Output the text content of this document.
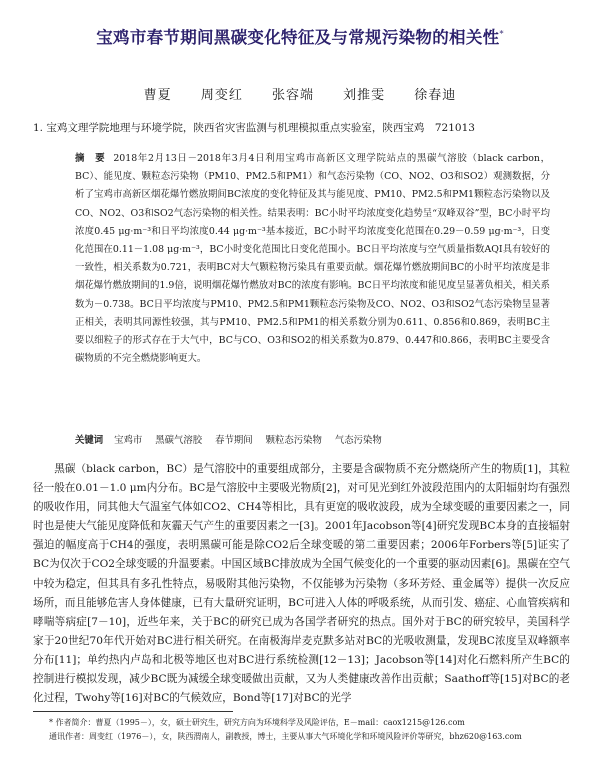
宝鸡市春节期间黑碳变化特征及与常规污染物的相关性*
曹夏 周变红 张容端 刘推雯 徐春迪
1. 宝鸡文理学院地理与环境学院，陕西省灾害监测与机理模拟重点实验室，陕西宝鸡　721013
摘　要 2018年2月13日－2018年3月4日利用宝鸡市高新区文理学院站点的黑碳气溶胶（black carbon，BC）、能见度、颗粒态污染物（PM10、PM2.5和PM1）和气态污染物（CO、NO2、O3和SO2）观测数据，分析了宝鸡市高新区烟花爆竹燃放期间BC浓度的变化特征及其与能见度、PM10、PM2.5和PM1颗粒态污染物以及CO、NO2、O3和SO2气态污染物的相关性。结果表明：BC小时平均浓度变化趋势呈“双峰双谷”型，BC小时平均浓度0.45 μg·m⁻³和日平均浓度0.44 μg·m⁻³基本接近，BC小时平均浓度变化范围在0.29－0.59 μg·m⁻³，日变化范围在0.11－1.08 μg·m⁻³，BC小时变化范围比日变化范围小。BC日平均浓度与空气质量指数AQI具有较好的一致性，相关系数为0.721，表明BC对大气颗粒物污染具有重要贡献。烟花爆竹燃放期间BC的小时平均浓度是非烟花爆竹燃放期间的1.9倍，说明烟花爆竹燃放对BC的浓度有影响。BC日平均浓度和能见度呈显著负相关，相关系数为－0.738。BC日平均浓度与PM10、PM2.5和PM1颗粒态污染物及CO、NO2、O3和SO2气态污染物呈显著正相关，表明其同源性较强，其与PM10、PM2.5和PM1的相关系数分别为0.611、0.856和0.869，表明BC主要以细粒子的形式存在于大气中，BC与CO、O3和SO2的相关系数为0.879、0.447和0.866，表明BC主要受含碳物质的不完全燃烧影响更大。
关键词 宝鸡市 黑碳气溶胶 春节期间 颗粒态污染物 气态污染物

黑碳（black carbon，BC）是气溶胶中的重要组成部分，主要是含碳物质不充分燃烧所产生的物质[1]，其粒径一般在0.01－1.0 μm内分布。BC是气溶胶中主要吸光物质[2]，对可见光到红外波段范围内的太阳辐射均有强烈的吸收作用，同其他大气温室气体如CO2、CH4等相比，具有更宽的吸收波段，成为全球变暖的重要因素之一，同时也是使大气能见度降低和灰霾天气产生的重要因素之一[3]。2001年Jacobson等[4]研究发现BC本身的直接辐射强迫的幅度高于CH4的强度，表明黑碳可能是除CO2后全球变暖的第二重要因素；2006年Forbers等[5]证实了BC为仅次于CO2全球变暖的升温要素。中国区域BC排放成为全国气候变化的一个重要的驱动因素[6]。黑碳在空气中较为稳定，但其具有多孔性特点，易吸附其他污染物，不仅能够为污染物（多环芳烃、重金属等）提供一次反应场所，而且能够危害人身体健康，已有大量研究证明，BC可进入人体的呼吸系统，从而引发、癌症、心血管疾病和哮喘等病症[7－10]，近些年来，关于BC的研究已成为各国学者研究的热点。国外对于BC的研究较早，美国科学家于20世纪70年代开始对BC进行相关研究。在南极海岸麦克默多站对BC的光吸收测量，发现BC浓度呈双峰额率分布[11]；单约热内卢岛和北极等地区也对BC进行系统检测[12－13]；Jacobson等[14]对化石燃料所产生BC的控制进行模拟发现，减少BC既为减缓全球变暖做出贡献，又为人类健康改善作出贡献；Saathoff等[15]对BC的老化过程，Twohy等[16]对BC的气候效应，Bond等[17]对BC的光学

* 作者简介：曹夏（1995－），女，硕士研究生，研究方向为环境科学及风险评估，E－mail：caox1215@126.com

通讯作者：周变红（1976－），女，陕西渭南人，副教授，博士，主要从事大气环境化学和环境风险评价等研究，bhz620@163.com
